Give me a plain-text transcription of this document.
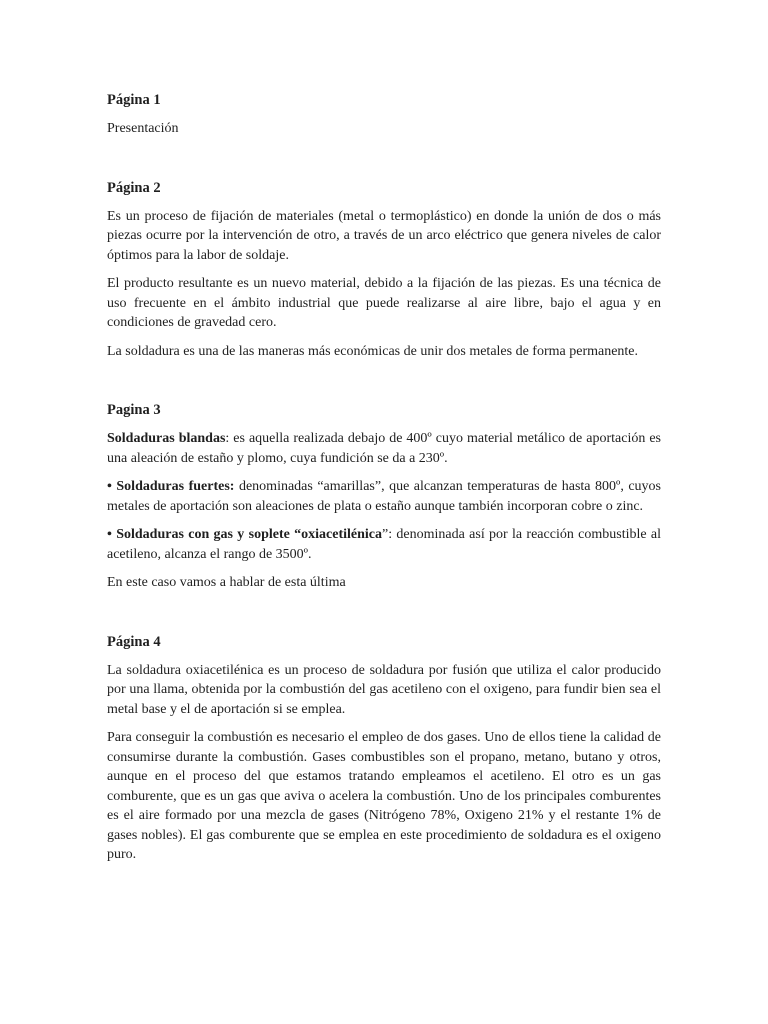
Página 1

Presentación

Página 2

Es un proceso de fijación de materiales (metal o termoplástico) en donde la unión de dos o más piezas ocurre por la intervención de otro, a través de un arco eléctrico que genera niveles de calor óptimos para la labor de soldaje.

El producto resultante es un nuevo material, debido a la fijación de las piezas. Es una técnica de uso frecuente en el ámbito industrial que puede realizarse al aire libre, bajo el agua y en condiciones de gravedad cero.

La soldadura es una de las maneras más económicas de unir dos metales de forma permanente.

Pagina 3

Soldaduras blandas: es aquella realizada debajo de 400º cuyo material metálico de aportación es una aleación de estaño y plomo, cuya fundición se da a 230º.

• Soldaduras fuertes: denominadas “amarillas”, que alcanzan temperaturas de hasta 800º, cuyos metales de aportación son aleaciones de plata o estaño aunque también incorporan cobre o zinc.

• Soldaduras con gas y soplete “oxiacetilénica”: denominada así por la reacción combustible al acetileno, alcanza el rango de 3500º.

En este caso vamos a hablar de esta última

Página 4

La soldadura oxiacetilénica es un proceso de soldadura por fusión que utiliza el calor producido por una llama, obtenida por la combustión del gas acetileno con el oxigeno, para fundir bien sea el metal base y el de aportación si se emplea.

Para conseguir la combustión es necesario el empleo de dos gases. Uno de ellos tiene la calidad de consumirse durante la combustión. Gases combustibles son el propano, metano, butano y otros, aunque en el proceso del que estamos tratando empleamos el acetileno. El otro es un gas comburente, que es un gas que aviva o acelera la combustión. Uno de los principales comburentes es el aire formado por una mezcla de gases (Nitrógeno 78%, Oxigeno 21% y el restante 1% de gases nobles). El gas comburente que se emplea en este procedimiento de soldadura es el oxigeno puro.
